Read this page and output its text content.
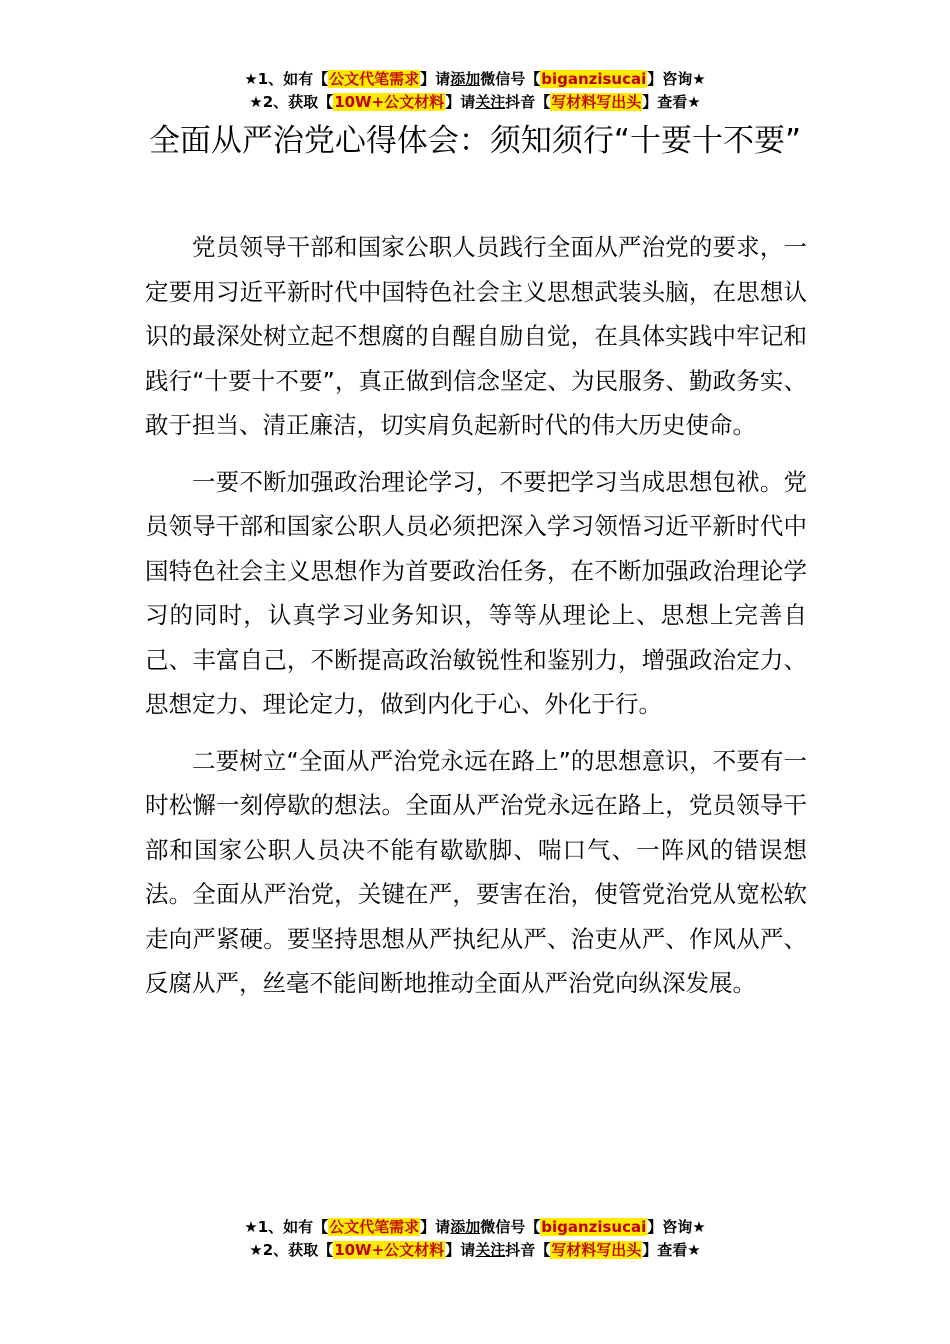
★1、如有【公文代笔需求】请添加微信号【biganzisucai】咨询★
★2、获取【10W+公文材料】请关注抖音【写材料写出头】查看★
全面从严治党心得体会：须知须行“十要十不要”

党员领导干部和国家公职人员践行全面从严治党的要求，一定要用习近平新时代中国特色社会主义思想武装头脑，在思想认识的最深处树立起不想腐的自醒自励自觉，在具体实践中牢记和践行“十要十不要”，真正做到信念坚定、为民服务、勤政务实、敢于担当、清正廉洁，切实肩负起新时代的伟大历史使命。

一要不断加强政治理论学习，不要把学习当成思想包袱。党员领导干部和国家公职人员必须把深入学习领悟习近平新时代中国特色社会主义思想作为首要政治任务，在不断加强政治理论学习的同时，认真学习业务知识，等等从理论上、思想上完善自己、丰富自己，不断提高政治敏锐性和鉴别力，增强政治定力、思想定力、理论定力，做到内化于心、外化于行。

二要树立“全面从严治党永远在路上”的思想意识，不要有一时松懈一刻停歇的想法。全面从严治党永远在路上，党员领导干部和国家公职人员决不能有歇歇脚、喘口气、一阵风的错误想法。全面从严治党，关键在严，要害在治，使管党治党从宽松软走向严紧硬。要坚持思想从严执纪从严、治吏从严、作风从严、反腐从严，丝毫不能间断地推动全面从严治党向纵深发展。

★1、如有【公文代笔需求】请添加微信号【biganzisucai】咨询★
★2、获取【10W+公文材料】请关注抖音【写材料写出头】查看★
